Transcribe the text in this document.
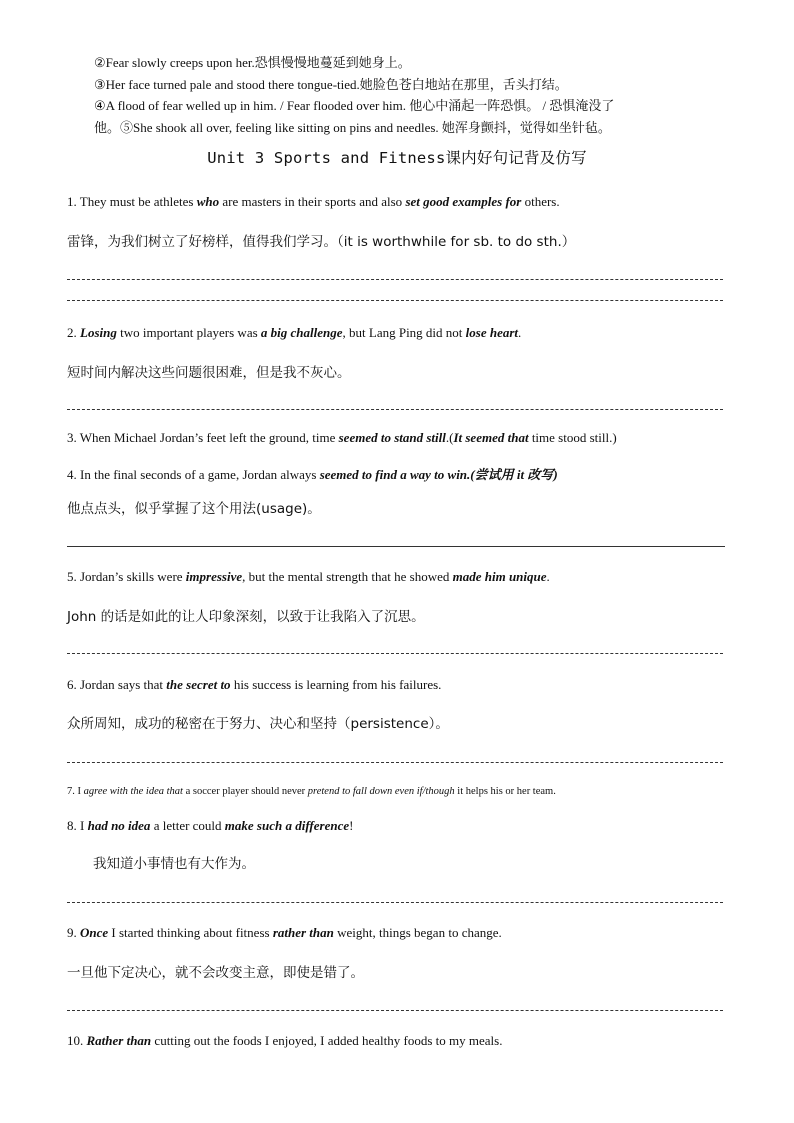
②Fear slowly creeps upon her.恐惧慢慢地蔓延到她身上。
③Her face turned pale and stood there tongue-tied.她脸色苍白地站在那里，舌头打结。
④A flood of fear welled up in him. / Fear flooded over him. 他心中涌起一阵恐惧。 / 恐惧淹没了
他。⑤She shook all over, feeling like sitting on pins and needles. 她浑身颤抖，觉得如坐针毡。
Unit 3 Sports and Fitness课内好句记背及仿写
1. They must be athletes who are masters in their sports and also set good examples for others.
雷锋，为我们树立了好榜样，值得我们学习。（it is worthwhile for sb. to do sth.）
2. Losing two important players was a big challenge, but Lang Ping did not lose heart.
短时间内解决这些问题很困难，但是我不灰心。
3. When Michael Jordan’s feet left the ground, time seemed to stand still.(It seemed that time stood still.)
4. In the final seconds of a game, Jordan always seemed to find a way to win.(尝试用 it 改写)
他点点头，似乎掌握了这个用法(usage)。
5. Jordan’s skills were impressive, but the mental strength that he showed made him unique.
John 的话是如此的让人印象深刻，以致于让我陷入了沉思。
6. Jordan says that the secret to his success is learning from his failures.
众所周知，成功的秘密在于努力、决心和坚持（persistence）。
7. I agree with the idea that a soccer player should never pretend to fall down even if/though it helps his or her team.
8. I had no idea a letter could make such a difference!
我知道小事情也有大作为。
9. Once I started thinking about fitness rather than weight, things began to change.
一旦他下定决心，就不会改变主意，即使是错了。
10. Rather than cutting out the foods I enjoyed, I added healthy foods to my meals.
